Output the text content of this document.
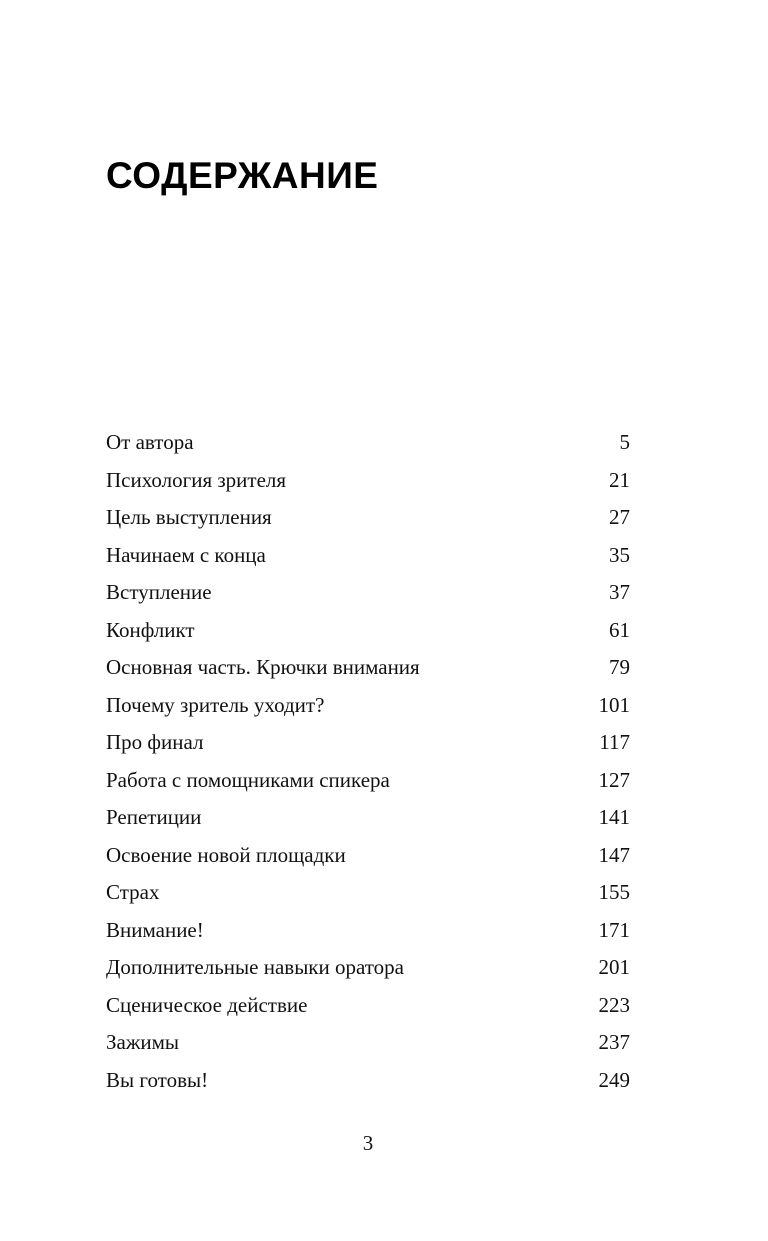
СОДЕРЖАНИЕ
От автора	5
Психология зрителя	21
Цель выступления	27
Начинаем с конца	35
Вступление	37
Конфликт	61
Основная часть. Крючки внимания	79
Почему зритель уходит?	101
Про финал	117
Работа с помощниками спикера	127
Репетиции	141
Освоение новой площадки	147
Страх	155
Внимание!	171
Дополнительные навыки оратора	201
Сценическое действие	223
Зажимы	237
Вы готовы!	249
3
